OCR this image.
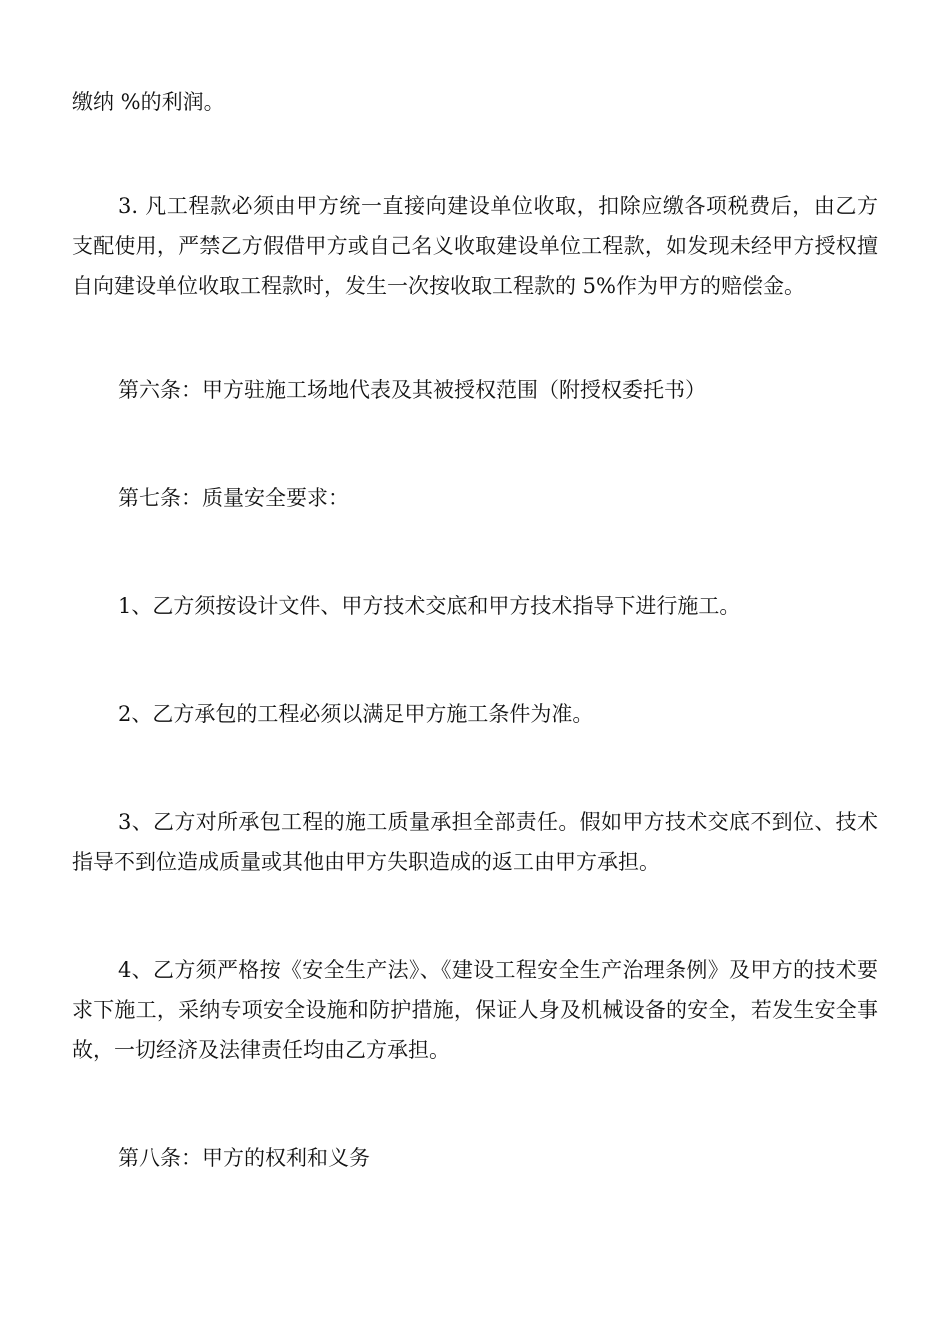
缴纳 %的利润。

3. 凡工程款必须由甲方统一直接向建设单位收取，扣除应缴各项税费后，由乙方支配使用，严禁乙方假借甲方或自己名义收取建设单位工程款，如发现未经甲方授权擅自向建设单位收取工程款时，发生一次按收取工程款的 5%作为甲方的赔偿金。

第六条：甲方驻施工场地代表及其被授权范围（附授权委托书）

第七条：质量安全要求：

1、乙方须按设计文件、甲方技术交底和甲方技术指导下进行施工。

2、乙方承包的工程必须以满足甲方施工条件为准。

3、乙方对所承包工程的施工质量承担全部责任。假如甲方技术交底不到位、技术指导不到位造成质量或其他由甲方失职造成的返工由甲方承担。

4、乙方须严格按《安全生产法》、《建设工程安全生产治理条例》及甲方的技术要求下施工，采纳专项安全设施和防护措施，保证人身及机械设备的安全，若发生安全事故，一切经济及法律责任均由乙方承担。

第八条：甲方的权利和义务
